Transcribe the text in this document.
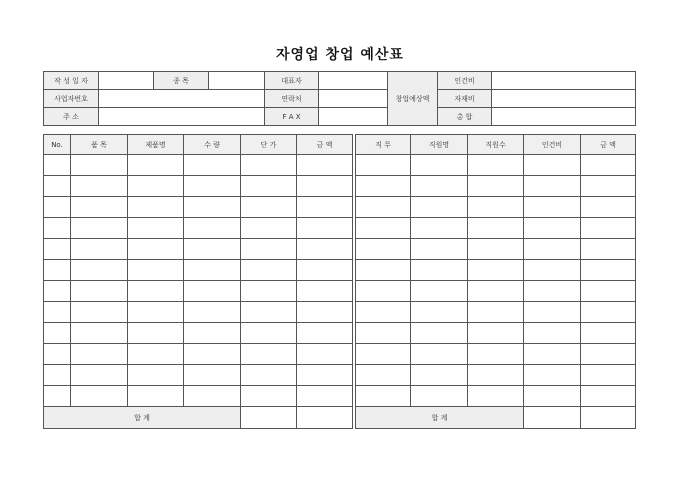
자영업 창업 예산표
작 성 일 자		종 목		대표자		창업예상액	인건비	
사업자번호				연락처			자재비	
주 소				F A X			총 합	
No.	품 목	제품명	수 량	단 가	금 액		직 무	직원명	직원수	인건비	금 액

합 계							합 계				
